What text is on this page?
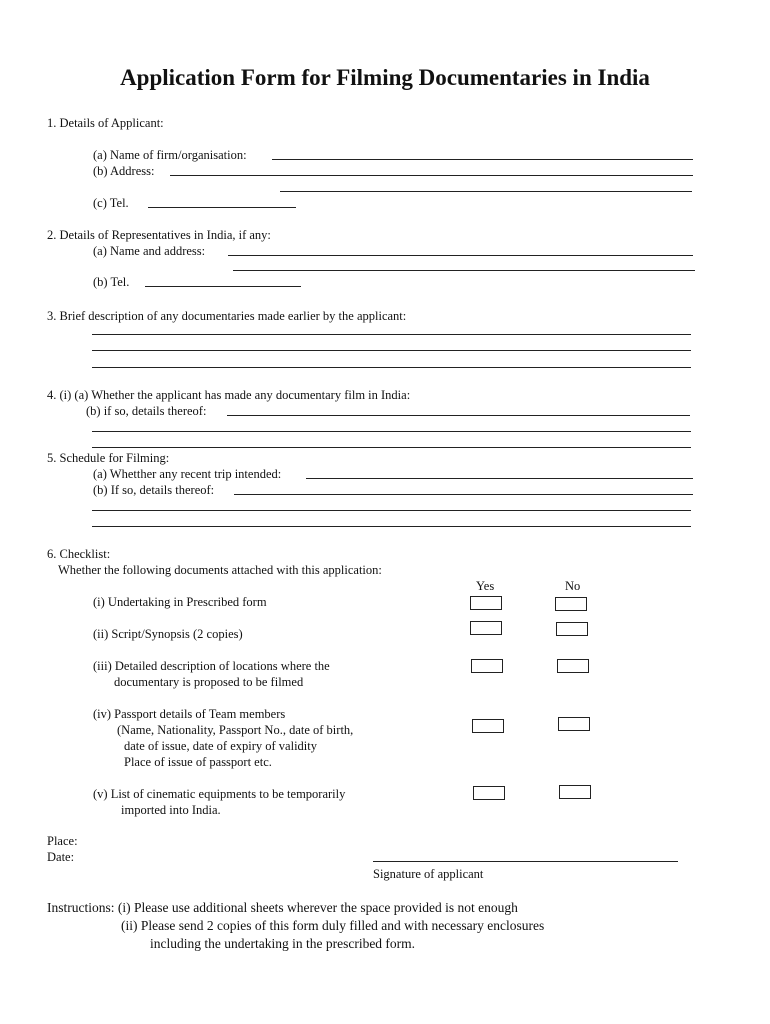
Application Form for Filming Documentaries in India
1. Details of Applicant:
(a) Name of firm/organisation:
(b) Address:
(c) Tel.
2. Details of Representatives in India, if any:
(a) Name and address:
(b) Tel.
3. Brief description of any documentaries made earlier by the applicant:
4. (i) (a) Whether the applicant has made any documentary film in India:
(b) if so, details thereof:
5. Schedule for Filming:
(a) Whetther any recent trip intended:
(b) If so, details thereof:
6. Checklist:
Whether the following documents attached with this application:
Yes	No
(i) Undertaking in Prescribed form
(ii) Script/Synopsis (2 copies)
(iii) Detailed description of locations where the
documentary is proposed to be filmed
(iv) Passport details of Team members
(Name, Nationality, Passport No., date of birth,
date of issue, date of expiry of validity
Place of issue of passport etc.
(v) List of cinematic equipments to be temporarily
imported into India.
Place:
Date:
Signature of applicant
Instructions: (i) Please use additional sheets wherever the space provided is not enough
(ii) Please send 2 copies of this form duly filled and with necessary enclosures
including the undertaking in the prescribed form.
